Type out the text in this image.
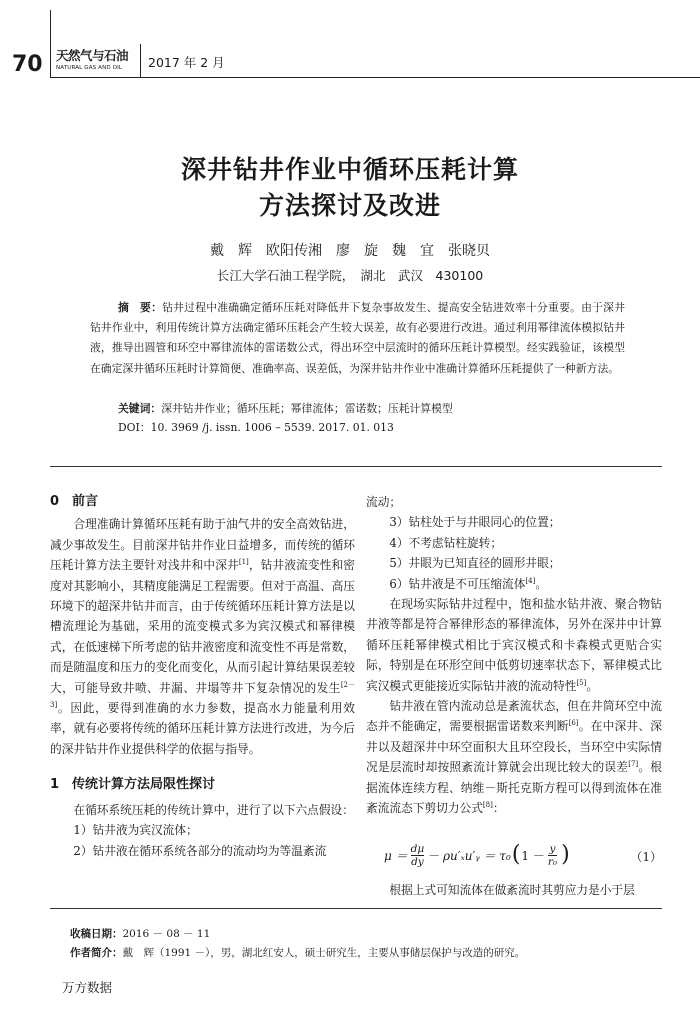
70 天然气与石油
NATURAL GAS AND OIL	2017 年 2 月
深井钻井作业中循环压耗计算
方法探讨及改进
戴　辉　欧阳传湘　廖　旋　魏　宜　张晓贝
长江大学石油工程学院，　湖北　武汉　430100
摘　要：钻井过程中准确确定循环压耗对降低井下复杂事故发生、提高安全钻进效率十分重要。由于深井钻井作业中，利用传统计算方法确定循环压耗会产生较大误差，故有必要进行改进。通过利用幂律流体模拟钻井液，推导出圆管和环空中幂律流体的雷诺数公式，得出环空中层流时的循环压耗计算模型。经实践验证，该模型在确定深井循环压耗时计算简便、准确率高、误差低，为深井钻井作业中准确计算循环压耗提供了一种新方法。
关键词：深井钻井作业；循环压耗；幂律流体；雷诺数；压耗计算模型
DOI：10. 3969 /j. issn. 1006 – 5539. 2017. 01. 013
0　前言

合理准确计算循环压耗有助于油气井的安全高效钻进，减少事故发生。目前深井钻井作业日益增多，而传统的循环压耗计算方法主要针对浅井和中深井[1]，钻井液流变性和密度对其影响小，其精度能满足工程需要。但对于高温、高压环境下的超深井钻井而言，由于传统循环压耗计算方法是以槽流理论为基础，采用的流变模式多为宾汉模式和幂律模式，在低速梯下所考虑的钻井液密度和流变性不再是常数，而是随温度和压力的变化而变化，从而引起计算结果误差较大，可能导致井喷、井漏、井塌等井下复杂情况的发生[2－3]。因此，要得到准确的水力参数，提高水力能量利用效率，就有必要将传统的循环压耗计算方法进行改进，为今后的深井钻井作业提供科学的依据与指导。

1　传统计算方法局限性探讨

在循环系统压耗的传统计算中，进行了以下六点假设：

1）钻井液为宾汉流体；

2）钻井液在循环系统各部分的流动均为等温紊流

流动；

3）钻柱处于与井眼同心的位置；

4）不考虑钻柱旋转；

5）井眼为已知直径的圆形井眼；

6）钻井液是不可压缩流体[4]。

在现场实际钻井过程中，饱和盐水钻井液、聚合物钻井液等都是符合幂律形态的幂律流体，另外在深井中计算循环压耗幂律模式相比于宾汉模式和卡森模式更贴合实际，特别是在环形空间中低剪切速率状态下，幂律模式比宾汉模式更能接近实际钻井液的流动特性[5]。

钻井液在管内流动总是紊流状态，但在井筒环空中流态并不能确定，需要根据雷诺数来判断[6]。在中深井、深井以及超深井中环空面积大且环空段长，当环空中实际情况是层流时却按照紊流计算就会出现比较大的误差[7]。根据流体连续方程、纳维－斯托克斯方程可以得到流体在准紊流流态下剪切力公式[8]：

$\mu = \frac{d\mu}{dy}$ － ρu′ₓu′ᵧ ＝ τ₀ ( $1 - \frac{y}{\text{r₀}}$ )	（1）

根据上式可知流体在做紊流时其剪应力是小于层

收稿日期：2016 － 08 － 11
作者简介：戴　辉（1991 －），男，湖北红安人，硕士研究生，主要从事储层保护与改造的研究。
万方数据
